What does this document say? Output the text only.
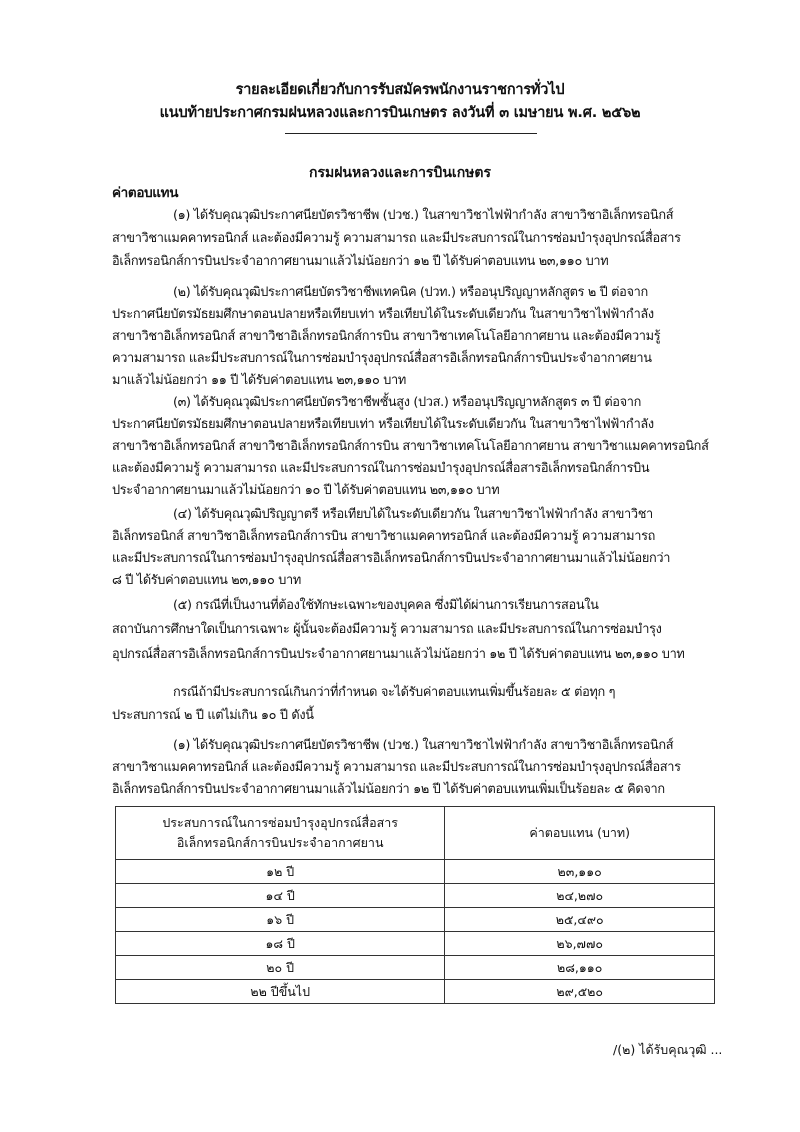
รายละเอียดเกี่ยวกับการรับสมัครพนักงานราชการทั่วไป
แนบท้ายประกาศกรมฝนหลวงและการบินเกษตร ลงวันที่ ๓ เมษายน พ.ศ. ๒๕๖๒
กรมฝนหลวงและการบินเกษตร
ค่าตอบแทน
(๑) ได้รับคุณวุฒิประกาศนียบัตรวิชาชีพ (ปวช.) ในสาขาวิชาไฟฟ้ากำลัง สาขาวิชาอิเล็กทรอนิกส์
สาขาวิชาแมคคาทรอนิกส์ และต้องมีความรู้ ความสามารถ และมีประสบการณ์ในการซ่อมบำรุงอุปกรณ์สื่อสาร
อิเล็กทรอนิกส์การบินประจำอากาศยานมาแล้วไม่น้อยกว่า ๑๒ ปี ได้รับค่าตอบแทน ๒๓,๑๑๐ บาท
(๒) ได้รับคุณวุฒิประกาศนียบัตรวิชาชีพเทคนิค (ปวท.) หรืออนุปริญญาหลักสูตร ๒ ปี ต่อจาก
ประกาศนียบัตรมัธยมศึกษาตอนปลายหรือเทียบเท่า หรือเทียบได้ในระดับเดียวกัน ในสาขาวิชาไฟฟ้ากำลัง
สาขาวิชาอิเล็กทรอนิกส์ สาขาวิชาอิเล็กทรอนิกส์การบิน สาขาวิชาเทคโนโลยีอากาศยาน และต้องมีความรู้
ความสามารถ และมีประสบการณ์ในการซ่อมบำรุงอุปกรณ์สื่อสารอิเล็กทรอนิกส์การบินประจำอากาศยาน
มาแล้วไม่น้อยกว่า ๑๑ ปี ได้รับค่าตอบแทน ๒๓,๑๑๐ บาท
(๓) ได้รับคุณวุฒิประกาศนียบัตรวิชาชีพชั้นสูง (ปวส.) หรืออนุปริญญาหลักสูตร ๓ ปี ต่อจาก
ประกาศนียบัตรมัธยมศึกษาตอนปลายหรือเทียบเท่า หรือเทียบได้ในระดับเดียวกัน ในสาขาวิชาไฟฟ้ากำลัง
สาขาวิชาอิเล็กทรอนิกส์ สาขาวิชาอิเล็กทรอนิกส์การบิน สาขาวิชาเทคโนโลยีอากาศยาน สาขาวิชาแมคคาทรอนิกส์
และต้องมีความรู้ ความสามารถ และมีประสบการณ์ในการซ่อมบำรุงอุปกรณ์สื่อสารอิเล็กทรอนิกส์การบิน
ประจำอากาศยานมาแล้วไม่น้อยกว่า ๑๐ ปี ได้รับค่าตอบแทน ๒๓,๑๑๐ บาท
(๔) ได้รับคุณวุฒิปริญญาตรี หรือเทียบได้ในระดับเดียวกัน ในสาขาวิชาไฟฟ้ากำลัง สาขาวิชา
อิเล็กทรอนิกส์ สาขาวิชาอิเล็กทรอนิกส์การบิน สาขาวิชาแมคคาทรอนิกส์ และต้องมีความรู้ ความสามารถ
และมีประสบการณ์ในการซ่อมบำรุงอุปกรณ์สื่อสารอิเล็กทรอนิกส์การบินประจำอากาศยานมาแล้วไม่น้อยกว่า
๘ ปี ได้รับค่าตอบแทน ๒๓,๑๑๐ บาท
(๕) กรณีที่เป็นงานที่ต้องใช้ทักษะเฉพาะของบุคคล ซึ่งมิได้ผ่านการเรียนการสอนใน
สถาบันการศึกษาใดเป็นการเฉพาะ ผู้นั้นจะต้องมีความรู้ ความสามารถ และมีประสบการณ์ในการซ่อมบำรุง
อุปกรณ์สื่อสารอิเล็กทรอนิกส์การบินประจำอากาศยานมาแล้วไม่น้อยกว่า ๑๒ ปี ได้รับค่าตอบแทน ๒๓,๑๑๐ บาท
กรณีถ้ามีประสบการณ์เกินกว่าที่กำหนด จะได้รับค่าตอบแทนเพิ่มขึ้นร้อยละ ๕ ต่อทุก ๆ
ประสบการณ์ ๒ ปี แต่ไม่เกิน ๑๐ ปี ดังนี้
(๑) ได้รับคุณวุฒิประกาศนียบัตรวิชาชีพ (ปวช.) ในสาขาวิชาไฟฟ้ากำลัง สาขาวิชาอิเล็กทรอนิกส์
สาขาวิชาแมคคาทรอนิกส์ และต้องมีความรู้ ความสามารถ และมีประสบการณ์ในการซ่อมบำรุงอุปกรณ์สื่อสาร
อิเล็กทรอนิกส์การบินประจำอากาศยานมาแล้วไม่น้อยกว่า ๑๒ ปี ได้รับค่าตอบแทนเพิ่มเป็นร้อยละ ๕ คิดจาก
ประสบการณ์ในการซ่อมบำรุงอุปกรณ์สื่อสาร
อิเล็กทรอนิกส์การบินประจำอากาศยาน	ค่าตอบแทน (บาท)
๑๒ ปี	๒๓,๑๑๐
๑๔ ปี	๒๔,๒๗๐
๑๖ ปี	๒๕,๔๙๐
๑๘ ปี	๒๖,๗๗๐
๒๐ ปี	๒๘,๑๑๐
๒๒ ปีขึ้นไป	๒๙,๕๒๐
/(๒) ได้รับคุณวุฒิ ...
